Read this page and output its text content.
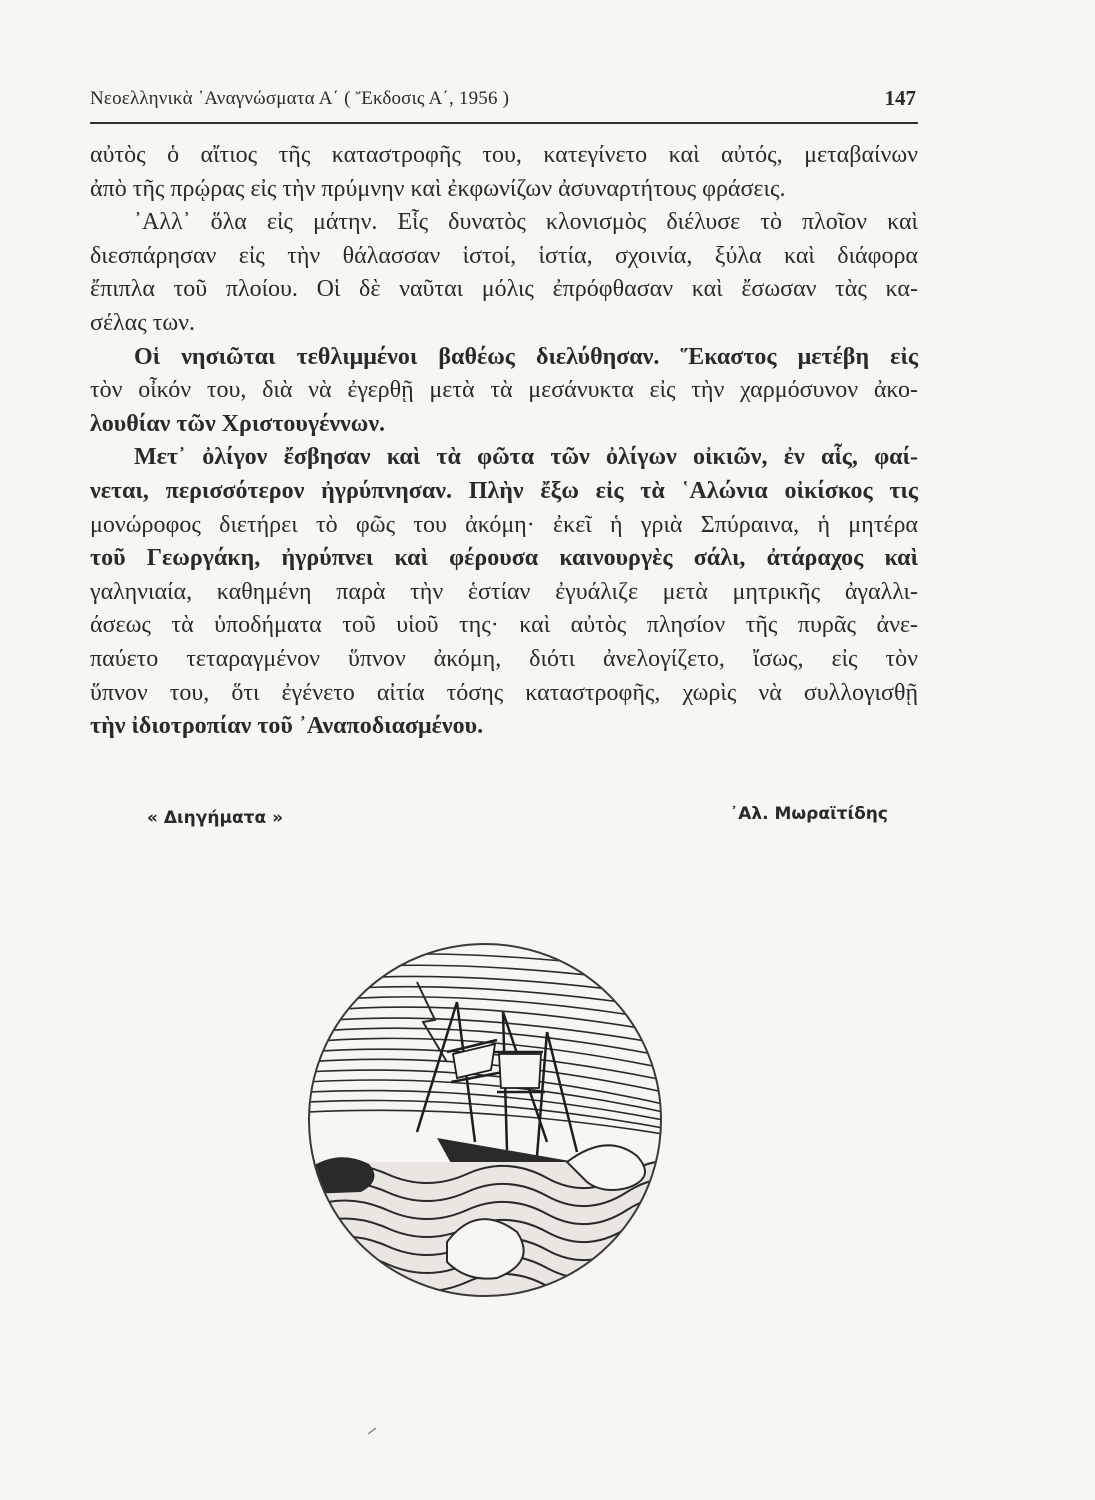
Νεοελληνικὰ ᾿Αναγνώσματα Α΄ ( Ἔκδοσις Α΄, 1956 )	147
αὐτὸς ὁ αἴτιος τῆς καταστροφῆς του, κατεγίνετο καὶ αὐτός, μεταβαίνων
ἀπὸ τῆς πρῴρας εἰς τὴν πρύμνην καὶ ἐκφωνίζων ἀσυναρτήτους φράσεις.
᾿Αλλ᾿ ὅλα εἰς μάτην. Εἷς δυνατὸς κλονισμὸς διέλυσε τὸ πλοῖον καὶ
διεσπάρησαν εἰς τὴν θάλασσαν ἱστοί, ἱστία, σχοινία, ξύλα καὶ διάφορα
ἔπιπλα τοῦ πλοίου. Οἱ δὲ ναῦται μόλις ἐπρόφθασαν καὶ ἔσωσαν τὰς κα-
σέλας των.
Οἱ νησιῶται τεθλιμμένοι βαθέως διελύθησαν. Ἕκαστος μετέβη εἰς
τὸν οἶκόν του, διὰ νὰ ἐγερθῇ μετὰ τὰ μεσάνυκτα εἰς τὴν χαρμόσυνον ἀκο-
λουθίαν τῶν Χριστουγέννων.
Μετ᾿ ὀλίγον ἔσβησαν καὶ τὰ φῶτα τῶν ὀλίγων οἰκιῶν, ἐν αἷς, φαί-
νεται, περισσότερον ἠγρύπνησαν. Πλὴν ἔξω εἰς τὰ ῾Αλώνια οἰκίσκος τις
μονώροφος διετήρει τὸ φῶς του ἀκόμη· ἐκεῖ ἡ γριὰ Σπύραινα, ἡ μητέρα
τοῦ Γεωργάκη, ἠγρύπνει καὶ φέρουσα καινουργὲς σάλι, ἀτάραχος καὶ
γαληνιαία, καθημένη παρὰ τὴν ἑστίαν ἐγυάλιζε μετὰ μητρικῆς ἀγαλλι-
άσεως τὰ ὑποδήματα τοῦ υἱοῦ της· καὶ αὐτὸς πλησίον τῆς πυρᾶς ἀνε-
παύετο τεταραγμένον ὕπνον ἀκόμη, διότι ἀνελογίζετο, ἴσως, εἰς τὸν
ὕπνον του, ὅτι ἐγένετο αἰτία τόσης καταστροφῆς, χωρὶς νὰ συλλογισθῇ
τὴν ἰδιοτροπίαν τοῦ ᾿Αναποδιασμένου.
« Διηγήματα »	᾿Αλ. Μωραϊτίδης
